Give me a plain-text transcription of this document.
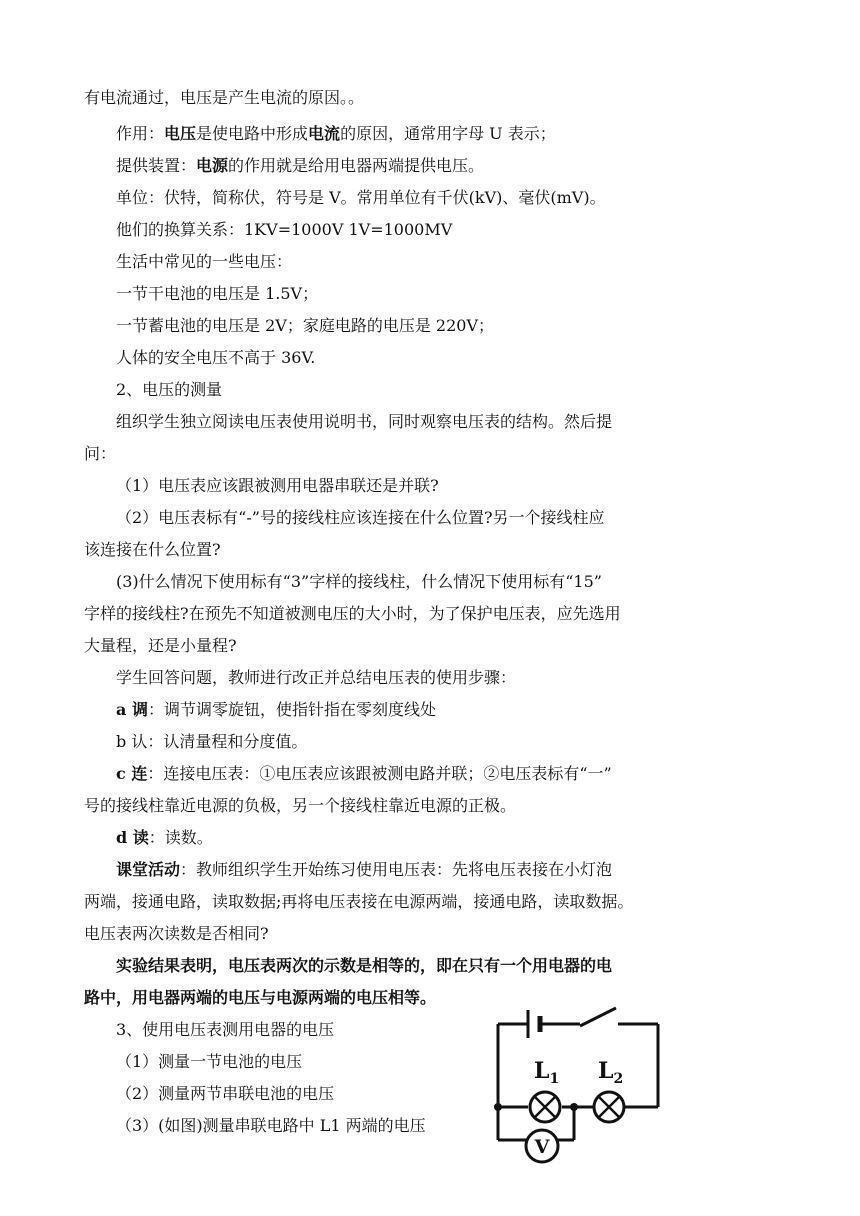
有电流通过，电压是产生电流的原因。。
作用：电压是使电路中形成电流的原因，通常用字母 U 表示；
提供装置：电源的作用就是给用电器两端提供电压。
单位：伏特，简称伏，符号是 V。常用单位有千伏(kV)、毫伏(mV)。
他们的换算关系：1KV=1000V 1V=1000MV
生活中常见的一些电压：
一节干电池的电压是 1.5V；
一节蓄电池的电压是 2V；家庭电路的电压是 220V；
人体的安全电压不高于 36V.
2、电压的测量
组织学生独立阅读电压表使用说明书，同时观察电压表的结构。然后提
问：
（1）电压表应该跟被测用电器串联还是并联?
（2）电压表标有“-”号的接线柱应该连接在什么位置?另一个接线柱应
该连接在什么位置?
(3)什么情况下使用标有“3”字样的接线柱，什么情况下使用标有“15”
字样的接线柱?在预先不知道被测电压的大小时，为了保护电压表，应先选用
大量程，还是小量程?
学生回答问题，教师进行改正并总结电压表的使用步骤：
a 调：调节调零旋钮，使指针指在零刻度线处
b 认：认清量程和分度值。
c 连：连接电压表：①电压表应该跟被测电路并联；②电压表标有“一”
号的接线柱靠近电源的负极，另一个接线柱靠近电源的正极。
d 读：读数。
课堂活动：教师组织学生开始练习使用电压表：先将电压表接在小灯泡
两端，接通电路，读取数据;再将电压表接在电源两端，接通电路，读取数据。
电压表两次读数是否相同?
实验结果表明，电压表两次的示数是相等的，即在只有一个用电器的电
路中，用电器两端的电压与电源两端的电压相等。
3、使用电压表测用电器的电压
（1）测量一节电池的电压
（2）测量两节串联电池的电压
（3）(如图)测量串联电路中 L1 两端的电压
$L_1$ $L_2$
V
